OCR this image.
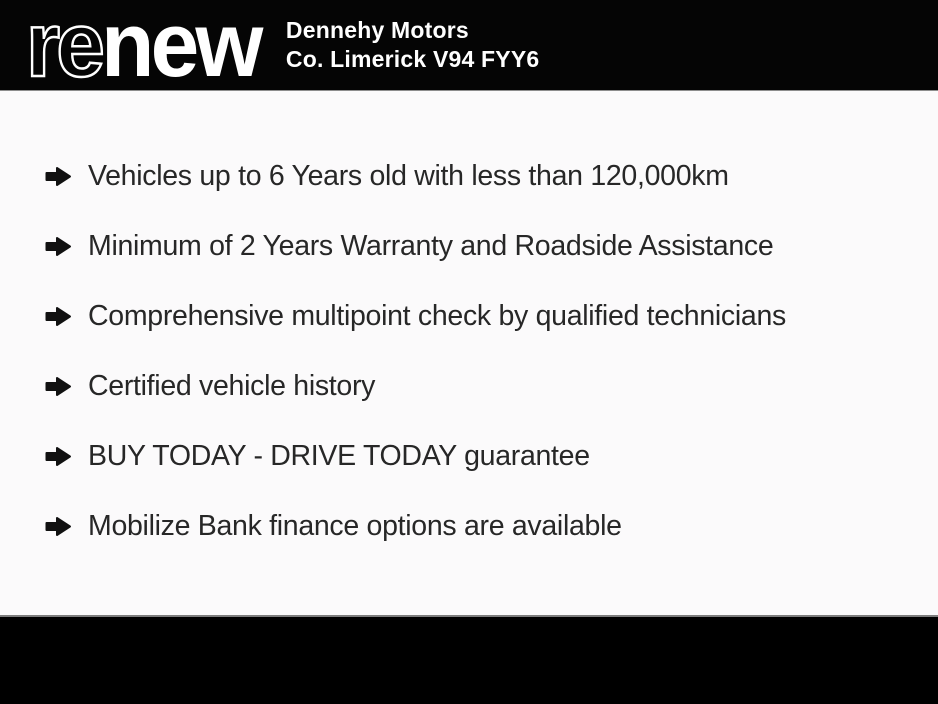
renew Dennehy Motors
Co. Limerick V94 FYY6
Vehicles up to 6 Years old with less than 120,000km
Minimum of 2 Years Warranty and Roadside Assistance
Comprehensive multipoint check by qualified technicians
Certified vehicle history
BUY TODAY - DRIVE TODAY guarantee
Mobilize Bank finance options are available
